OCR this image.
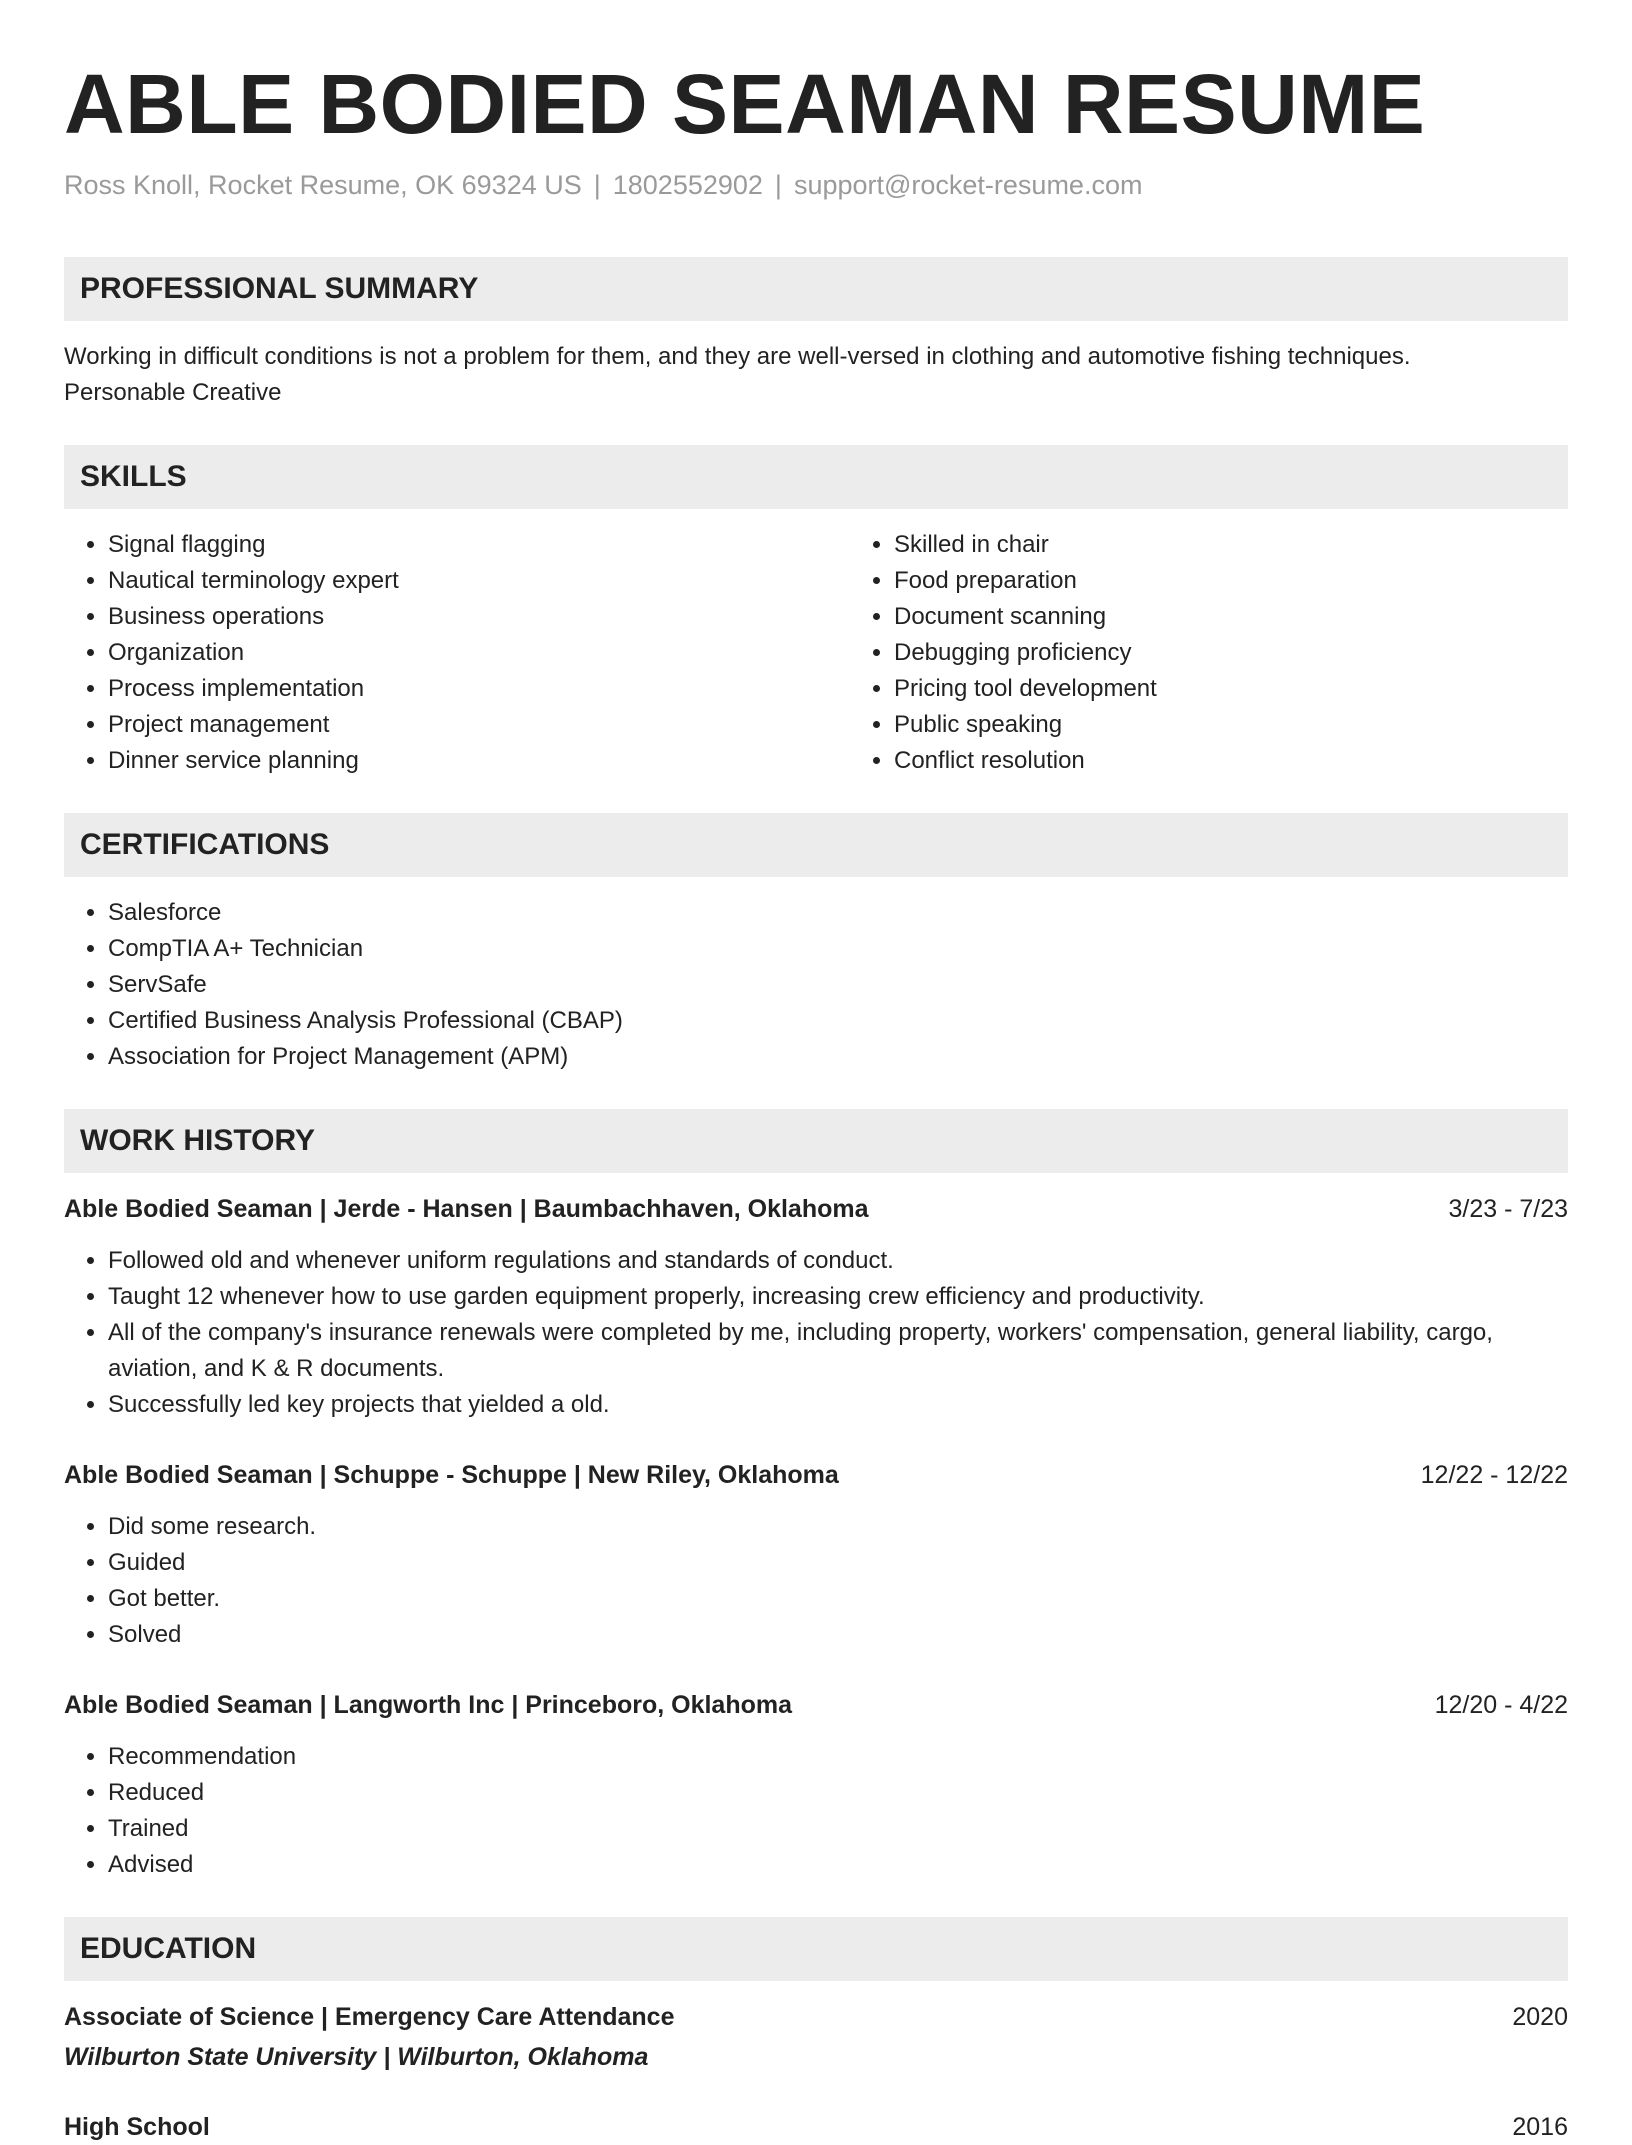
ABLE BODIED SEAMAN RESUME
Ross Knoll, Rocket Resume, OK 69324 US | 1802552902 | support@rocket-resume.com
PROFESSIONAL SUMMARY
Working in difficult conditions is not a problem for them, and they are well-versed in clothing and automotive fishing techniques.
Personable Creative
SKILLS
• Signal flagging
• Nautical terminology expert
• Business operations
• Organization
• Process implementation
• Project management
• Dinner service planning
• Skilled in chair
• Food preparation
• Document scanning
• Debugging proficiency
• Pricing tool development
• Public speaking
• Conflict resolution
CERTIFICATIONS
• Salesforce
• CompTIA A+ Technician
• ServSafe
• Certified Business Analysis Professional (CBAP)
• Association for Project Management (APM)
WORK HISTORY
Able Bodied Seaman | Jerde - Hansen | Baumbachhaven, Oklahoma	3/23 - 7/23
• Followed old and whenever uniform regulations and standards of conduct.
• Taught 12 whenever how to use garden equipment properly, increasing crew efficiency and productivity.
• All of the company's insurance renewals were completed by me, including property, workers' compensation, general liability, cargo, aviation, and K & R documents.
• Successfully led key projects that yielded a old.
Able Bodied Seaman | Schuppe - Schuppe | New Riley, Oklahoma	12/22 - 12/22
• Did some research.
• Guided
• Got better.
• Solved
Able Bodied Seaman | Langworth Inc | Princeboro, Oklahoma	12/20 - 4/22
• Recommendation
• Reduced
• Trained
• Advised
EDUCATION
Associate of Science | Emergency Care Attendance	2020
Wilburton State University | Wilburton, Oklahoma
High School	2016
